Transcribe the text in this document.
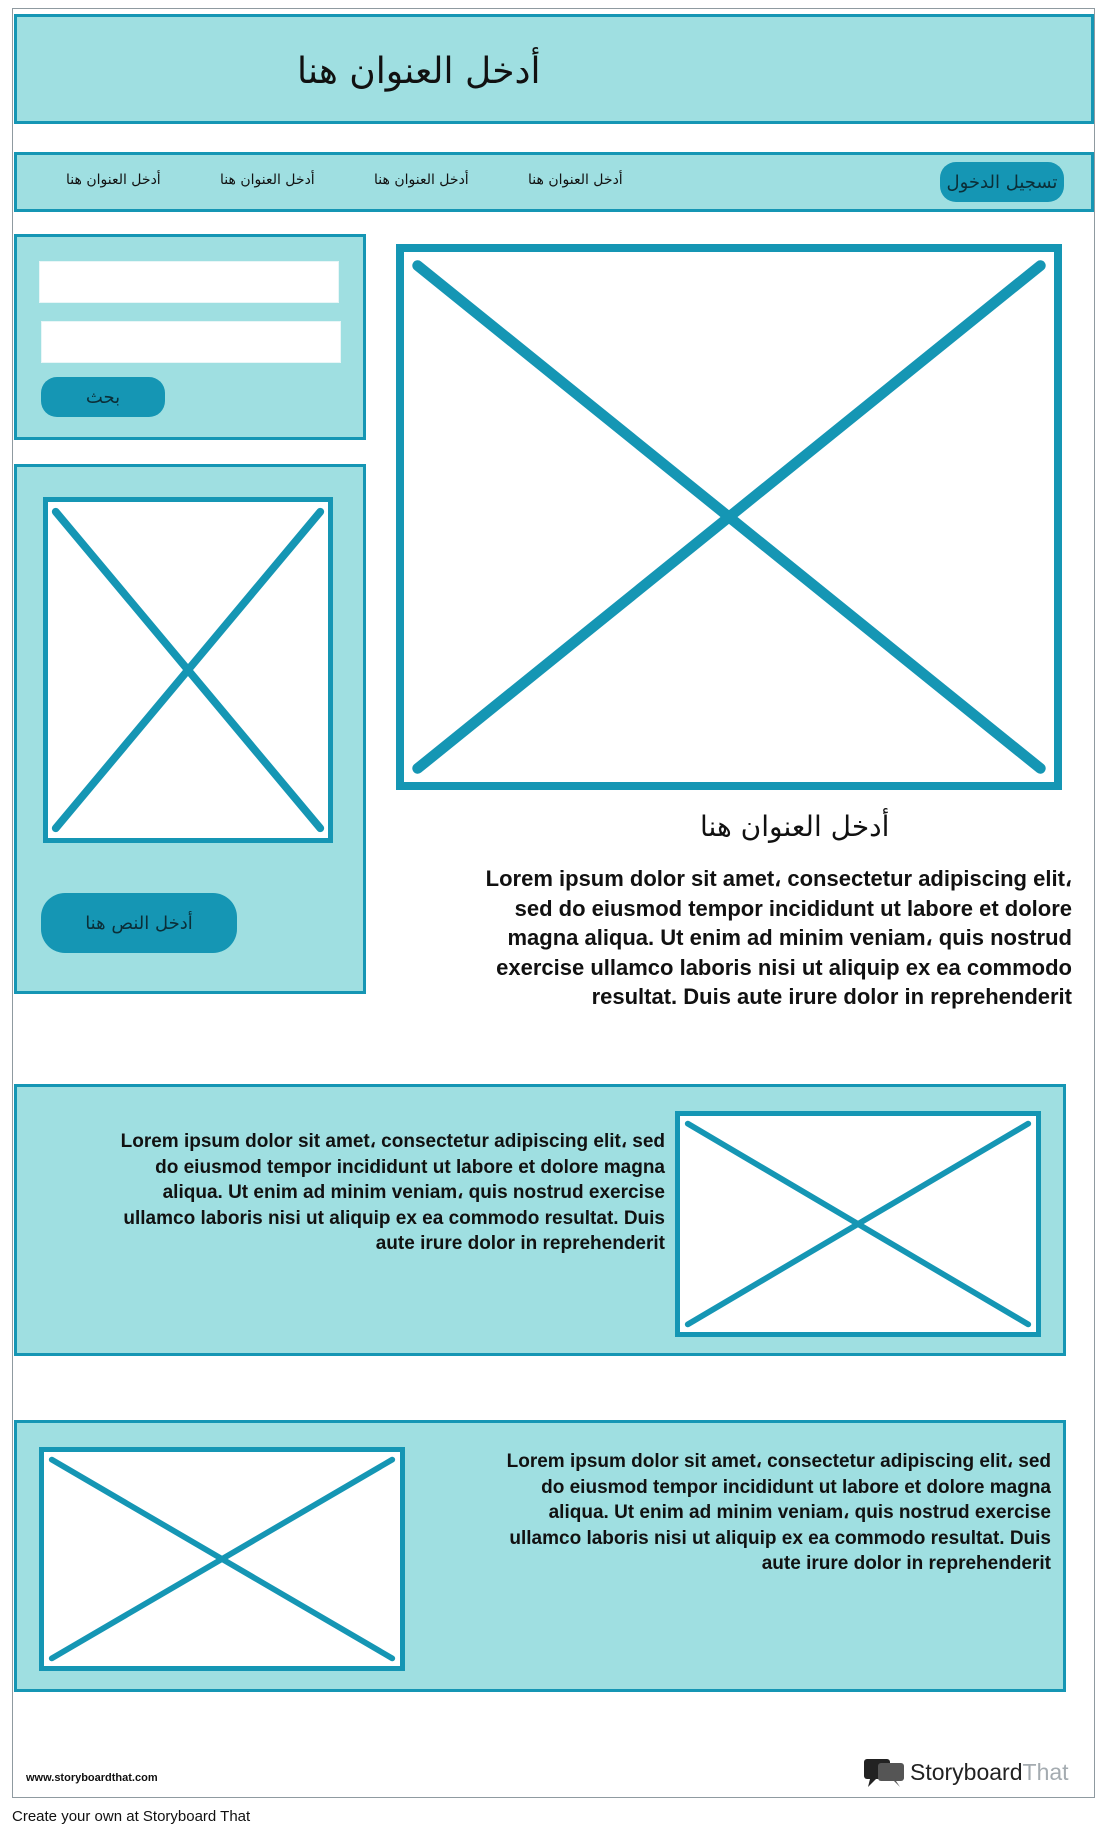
أدخل العنوان هنا
أدخل العنوان هنا	أدخل العنوان هنا	أدخل العنوان هنا	أدخل العنوان هنا	تسجيل الدخول
بحث
أدخل النص هنا
أدخل العنوان هنا
Lorem ipsum dolor sit amet، consectetur adipiscing elit،
sed do eiusmod tempor incididunt ut labore et dolore
magna aliqua. Ut enim ad minim veniam، quis nostrud
exercise ullamco laboris nisi ut aliquip ex ea commodo
resultat. Duis aute irure dolor in reprehenderit
Lorem ipsum dolor sit amet، consectetur adipiscing elit، sed
do eiusmod tempor incididunt ut labore et dolore magna
aliqua. Ut enim ad minim veniam، quis nostrud exercise
ullamco laboris nisi ut aliquip ex ea commodo resultat. Duis
aute irure dolor in reprehenderit
Lorem ipsum dolor sit amet، consectetur adipiscing elit، sed
do eiusmod tempor incididunt ut labore et dolore magna
aliqua. Ut enim ad minim veniam، quis nostrud exercise
ullamco laboris nisi ut aliquip ex ea commodo resultat. Duis
aute irure dolor in reprehenderit
www.storyboardthat.com	Storyboard That
Create your own at Storyboard That
